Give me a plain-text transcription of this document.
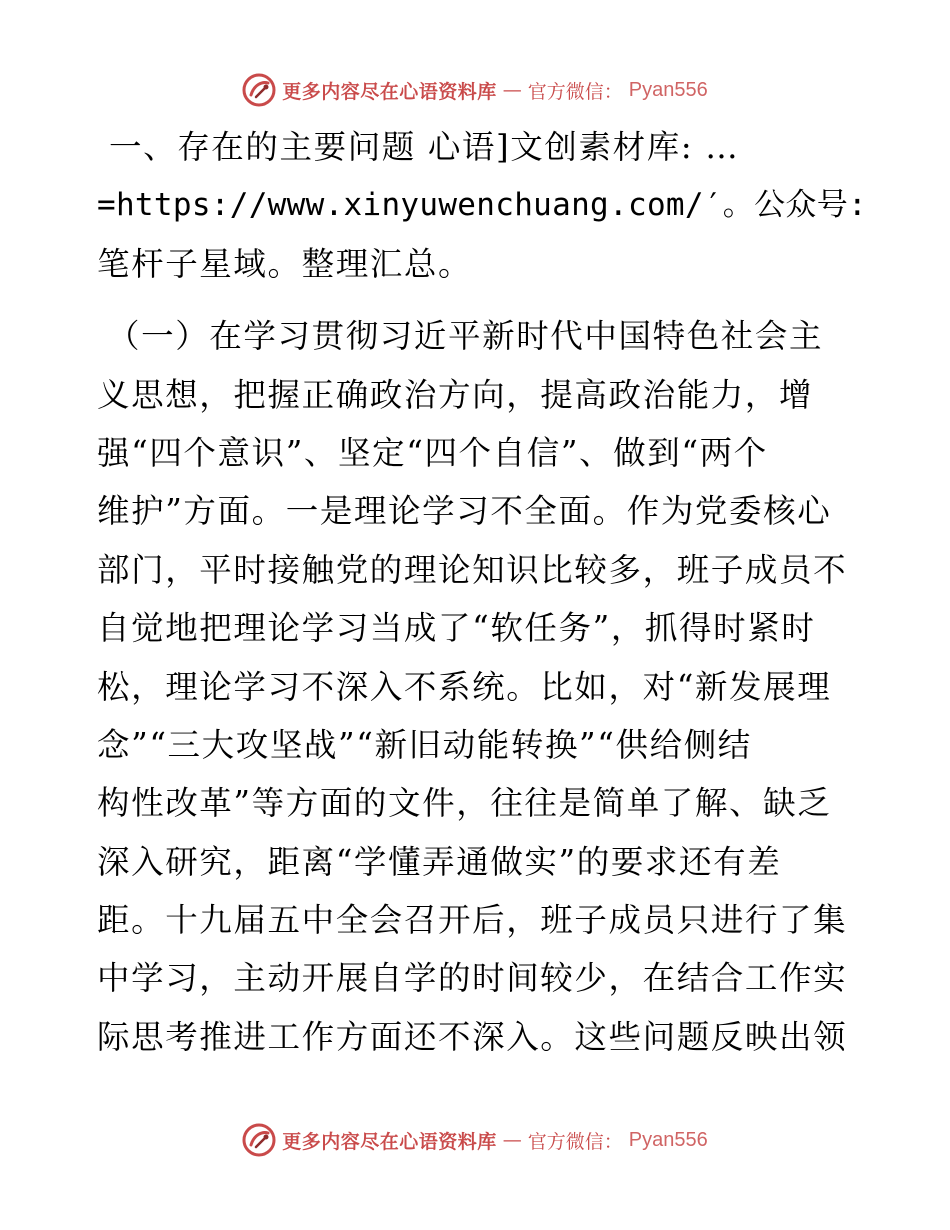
更多内容尽在心语资料库 — 官方微信： Pyan556
一、存在的主要问题 心语]文创素材库: …
=https://www.xinyuwenchuang.com/′。公众号:
笔杆子星域。整理汇总。
（一）在学习贯彻习近平新时代中国特色社会主
义思想，把握正确政治方向，提高政治能力，增
强“四个意识”、坚定“四个自信”、做到“两个
维护”方面。一是理论学习不全面。作为党委核心
部门，平时接触党的理论知识比较多，班子成员不
自觉地把理论学习当成了“软任务”，抓得时紧时
松，理论学习不深入不系统。比如，对“新发展理
念”“三大攻坚战”“新旧动能转换”“供给侧结
构性改革”等方面的文件，往往是简单了解、缺乏
深入研究，距离“学懂弄通做实”的要求还有差
距。十九届五中全会召开后，班子成员只进行了集
中学习，主动开展自学的时间较少，在结合工作实
际思考推进工作方面还不深入。这些问题反映出领
更多内容尽在心语资料库 — 官方微信： Pyan556
